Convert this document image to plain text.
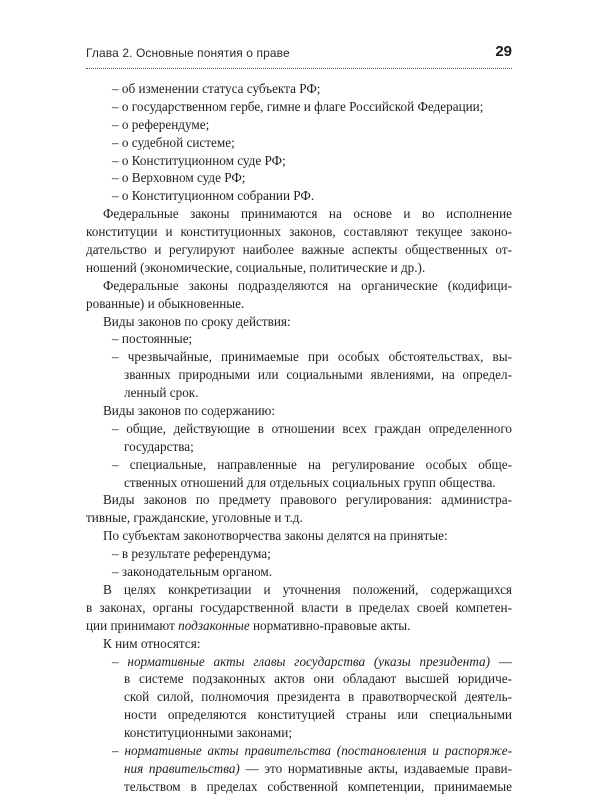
Глава 2. Основные понятия о праве	29
– об изменении статуса субъекта РФ;
– о государственном гербе, гимне и флаге Российской Федерации;
– о референдуме;
– о судебной системе;
– о Конституционном суде РФ;
– о Верховном суде РФ;
– о Конституционном собрании РФ.
Федеральные законы принимаются на основе и во исполнение
конституции и конституционных законов, составляют текущее законо-
дательство и регулируют наиболее важные аспекты общественных от-
ношений (экономические, социальные, политические и др.).
Федеральные законы подразделяются на органические (кодифици-
рованные) и обыкновенные.
Виды законов по сроку действия:
– постоянные;
– чрезвычайные, принимаемые при особых обстоятельствах, вы-
званных природными или социальными явлениями, на определ-
ленный срок.
Виды законов по содержанию:
– общие, действующие в отношении всех граждан определенного
государства;
– специальные, направленные на регулирование особых обще-
ственных отношений для отдельных социальных групп общества.
Виды законов по предмету правового регулирования: администра-
тивные, гражданские, уголовные и т.д.
По субъектам законотворчества законы делятся на принятые:
– в результате референдума;
– законодательным органом.
В целях конкретизации и уточнения положений, содержащихся
в законах, органы государственной власти в пределах своей компетен-
ции принимают подзаконные нормативно-правовые акты.
К ним относятся:
– нормативные акты главы государства (указы президента) —
в системе подзаконных актов они обладают высшей юридиче-
ской силой, полномочия президента в правотворческой деятель-
ности определяются конституцией страны или специальными
конституционными законами;
– нормативные акты правительства (постановления и распоряже-
ния правительства) — это нормативные акты, издаваемые прави-
тельством в пределах собственной компетенции, принимаемые
